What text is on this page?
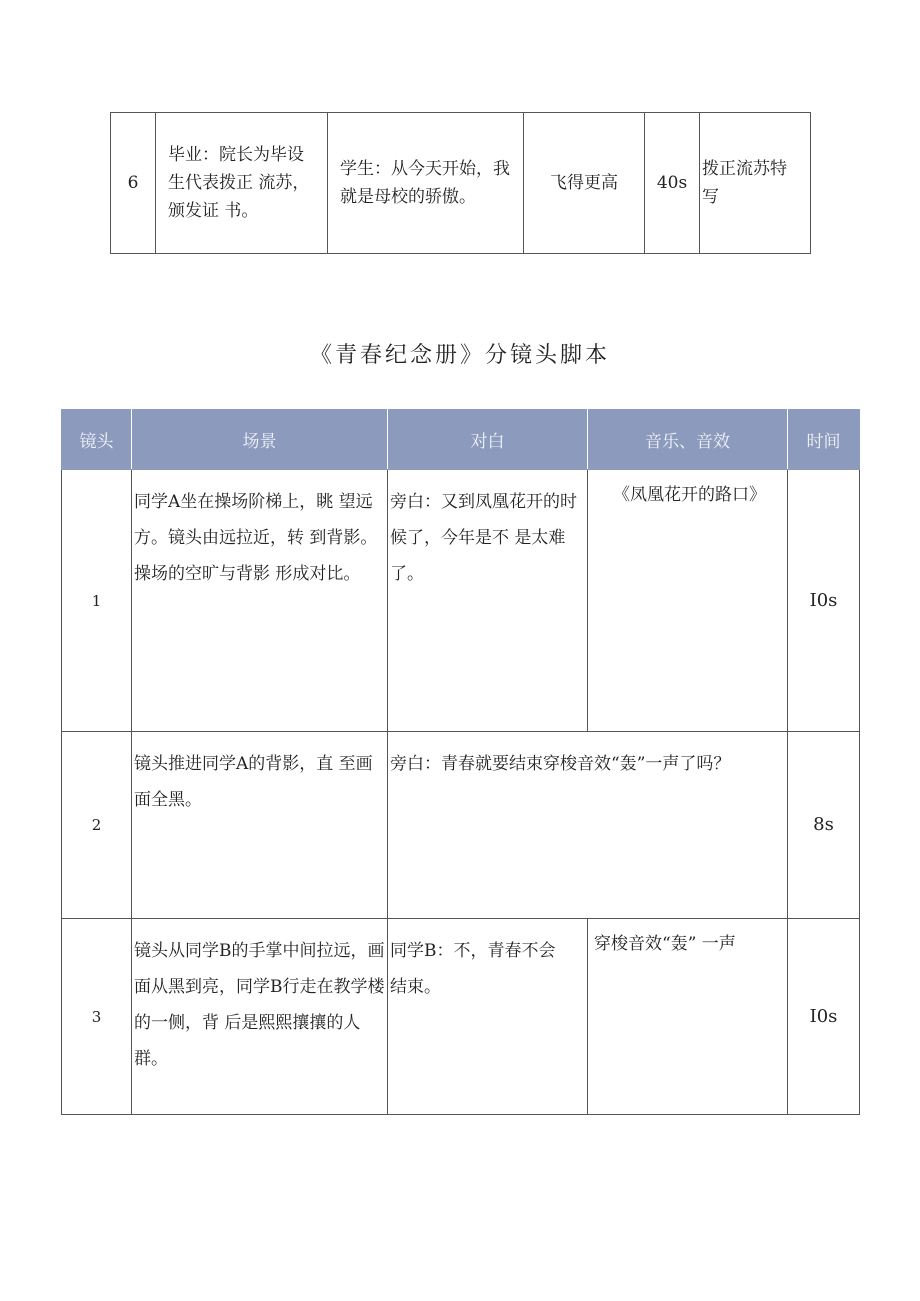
6	毕业：院长为毕设生代表拨正 流苏，颁发证 书。	学生：从今天开始，我就是母校的骄傲。	飞得更高	40s	拨正流苏特 写
《青春纪念册》分镜头脚本
镜头	场景	对白	音乐、音效	时间
1	同学A坐在操场阶梯上，眺 望远方。镜头由远拉近，转 到背影。操场的空旷与背影 形成对比。	旁白：又到凤凰花开的时候了，今年是不 是太难了。	《凤凰花开的路口》	I0s
2	镜头推进同学A的背影，直 至画面全黑。	旁白：青春就要结束穿梭音效“轰”一声了吗？		8s
3	镜头从同学B的手掌中间拉远，画面从黑到亮，同学B行走在教学楼的一侧，背 后是熙熙攘攘的人群。	同学B：不，青春不会结束。	穿梭音效“轰” 一声	I0s
